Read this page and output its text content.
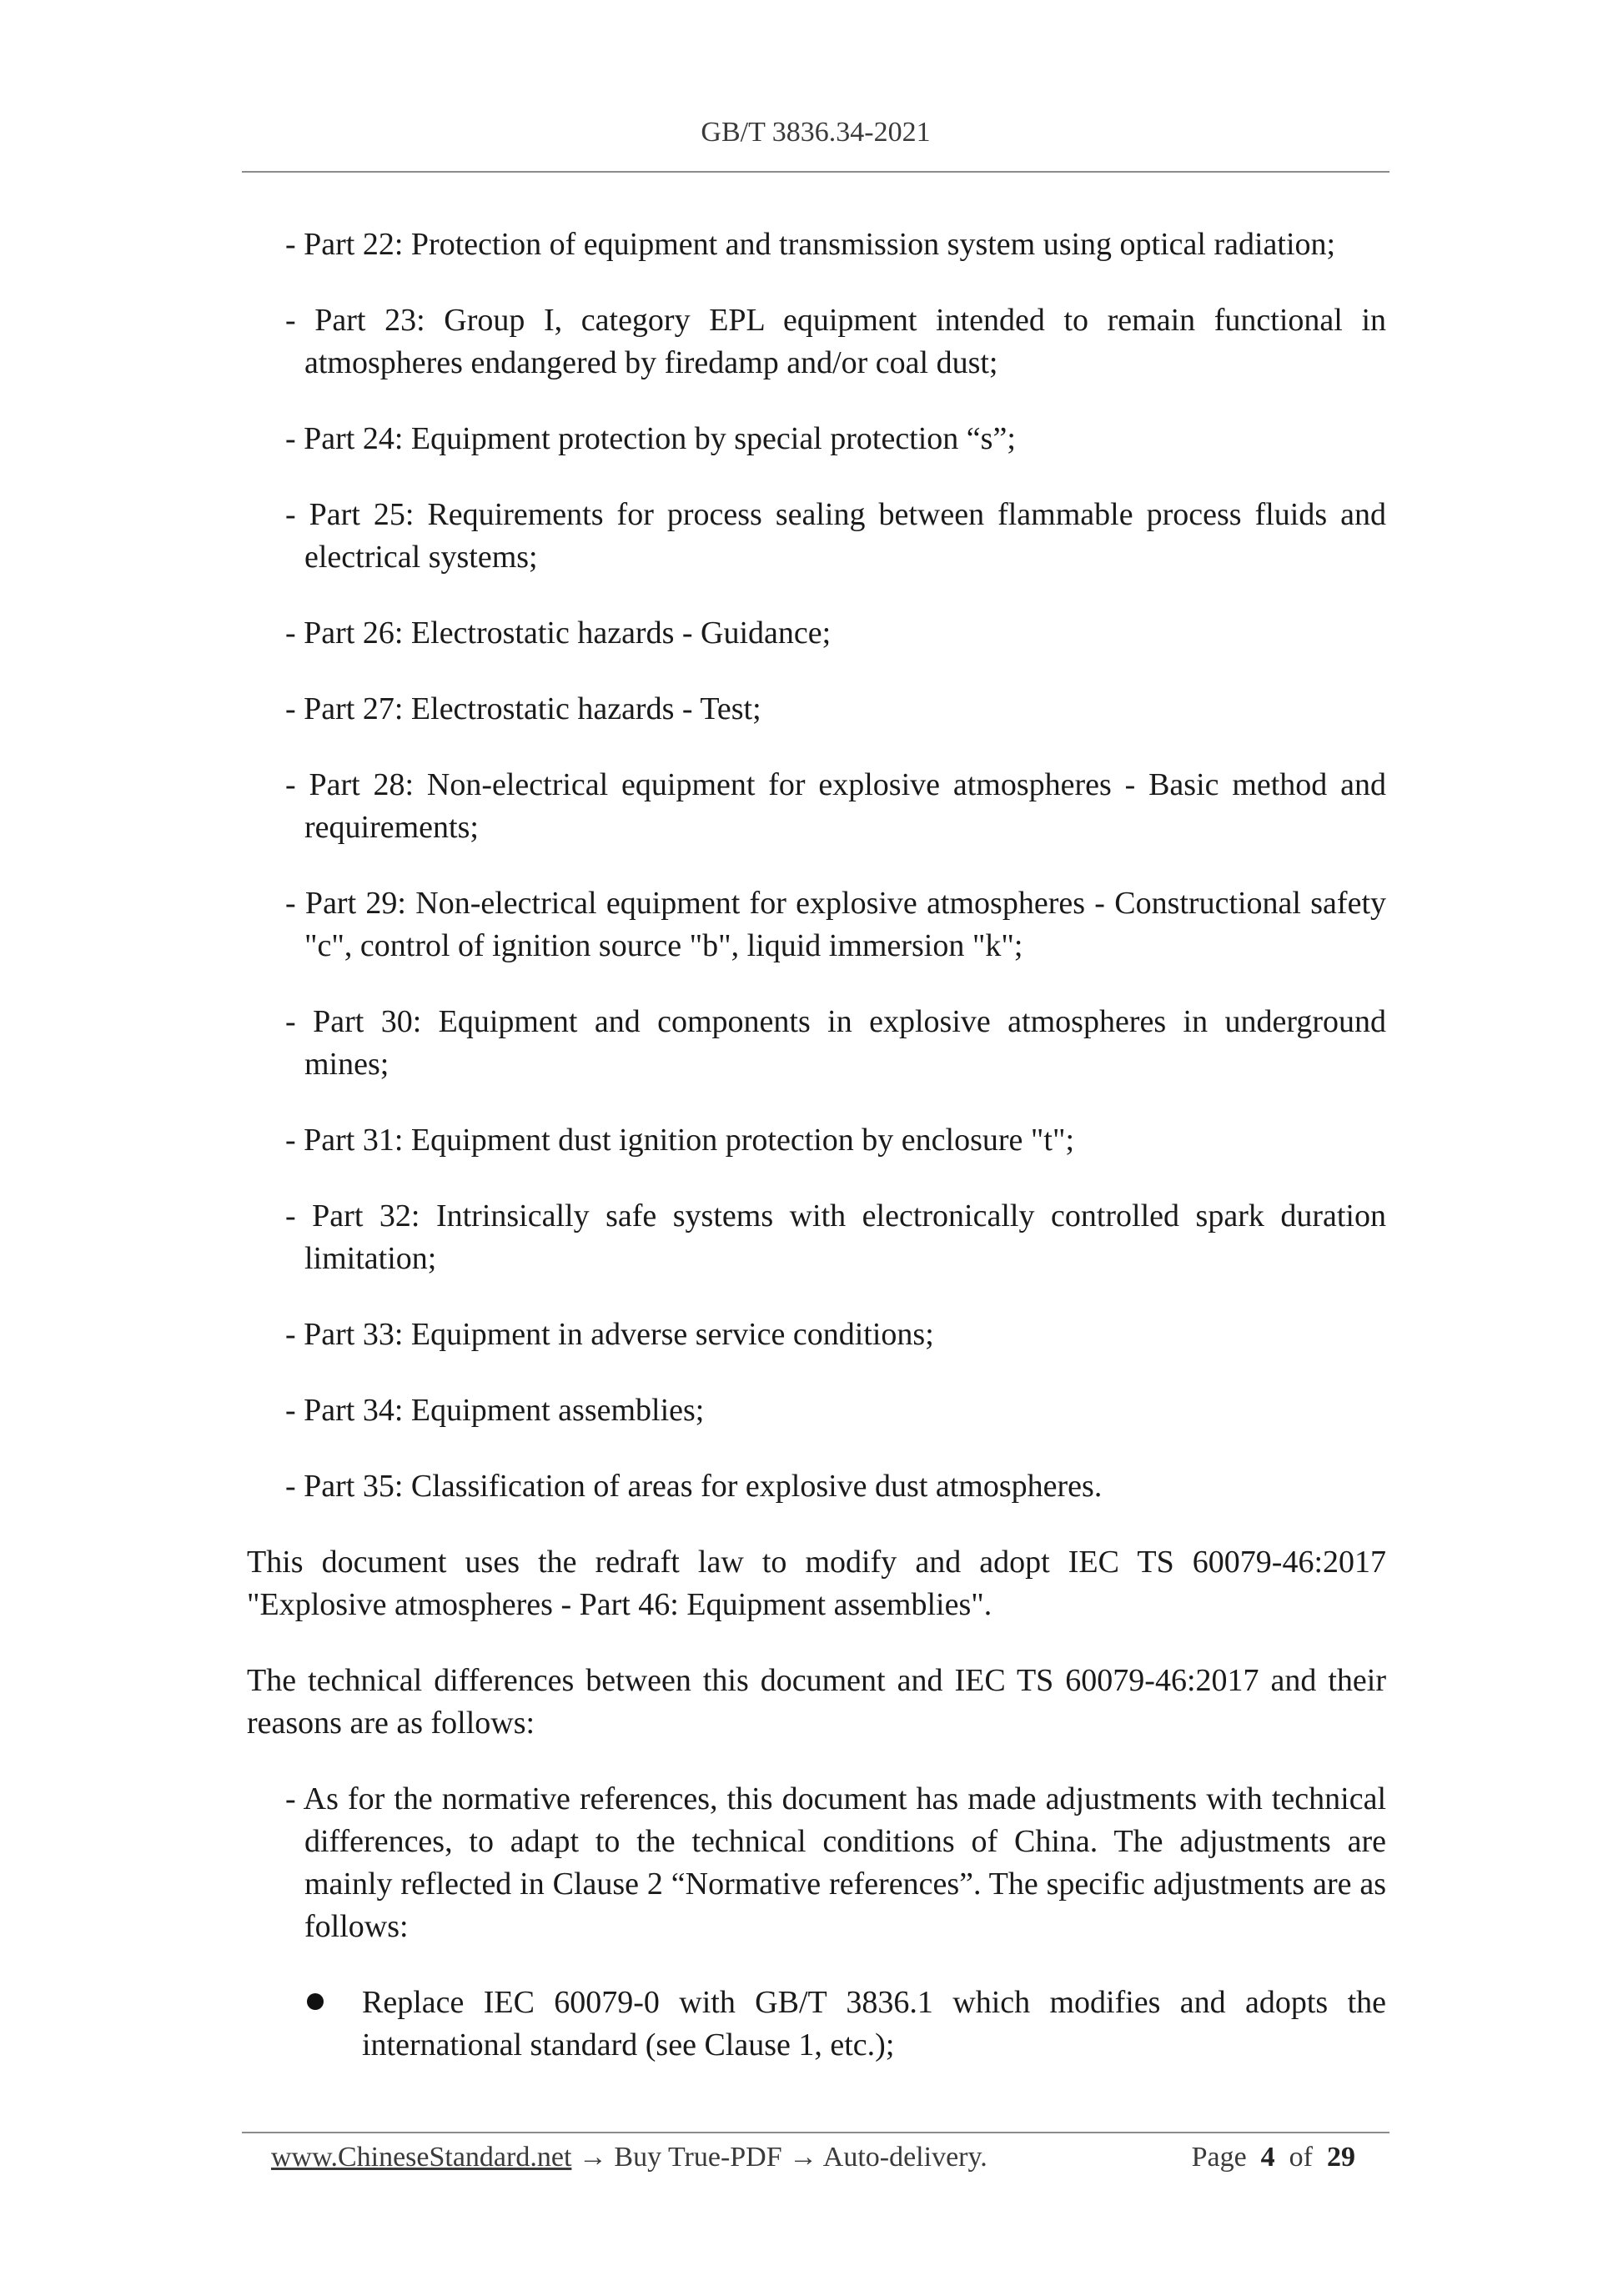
GB/T 3836.34-2021
- Part 22: Protection of equipment and transmission system using optical radiation;
- Part 23: Group I, category EPL equipment intended to remain functional in atmospheres endangered by firedamp and/or coal dust;
- Part 24: Equipment protection by special protection “s”;
- Part 25: Requirements for process sealing between flammable process fluids and electrical systems;
- Part 26: Electrostatic hazards - Guidance;
- Part 27: Electrostatic hazards - Test;
- Part 28: Non-electrical equipment for explosive atmospheres - Basic method and requirements;
- Part 29: Non-electrical equipment for explosive atmospheres - Constructional safety "c", control of ignition source "b", liquid immersion "k";
- Part 30: Equipment and components in explosive atmospheres in underground mines;
- Part 31: Equipment dust ignition protection by enclosure "t";
- Part 32: Intrinsically safe systems with electronically controlled spark duration limitation;
- Part 33: Equipment in adverse service conditions;
- Part 34: Equipment assemblies;
- Part 35: Classification of areas for explosive dust atmospheres.
This document uses the redraft law to modify and adopt IEC TS 60079-46:2017 "Explosive atmospheres - Part 46: Equipment assemblies".
The technical differences between this document and IEC TS 60079-46:2017 and their reasons are as follows:
- As for the normative references, this document has made adjustments with technical differences, to adapt to the technical conditions of China. The adjustments are mainly reflected in Clause 2 “Normative references”. The specific adjustments are as follows:
Replace IEC 60079-0 with GB/T 3836.1 which modifies and adopts the international standard (see Clause 1, etc.);
www.ChineseStandard.net → Buy True-PDF → Auto-delivery.	Page 4 of 29
